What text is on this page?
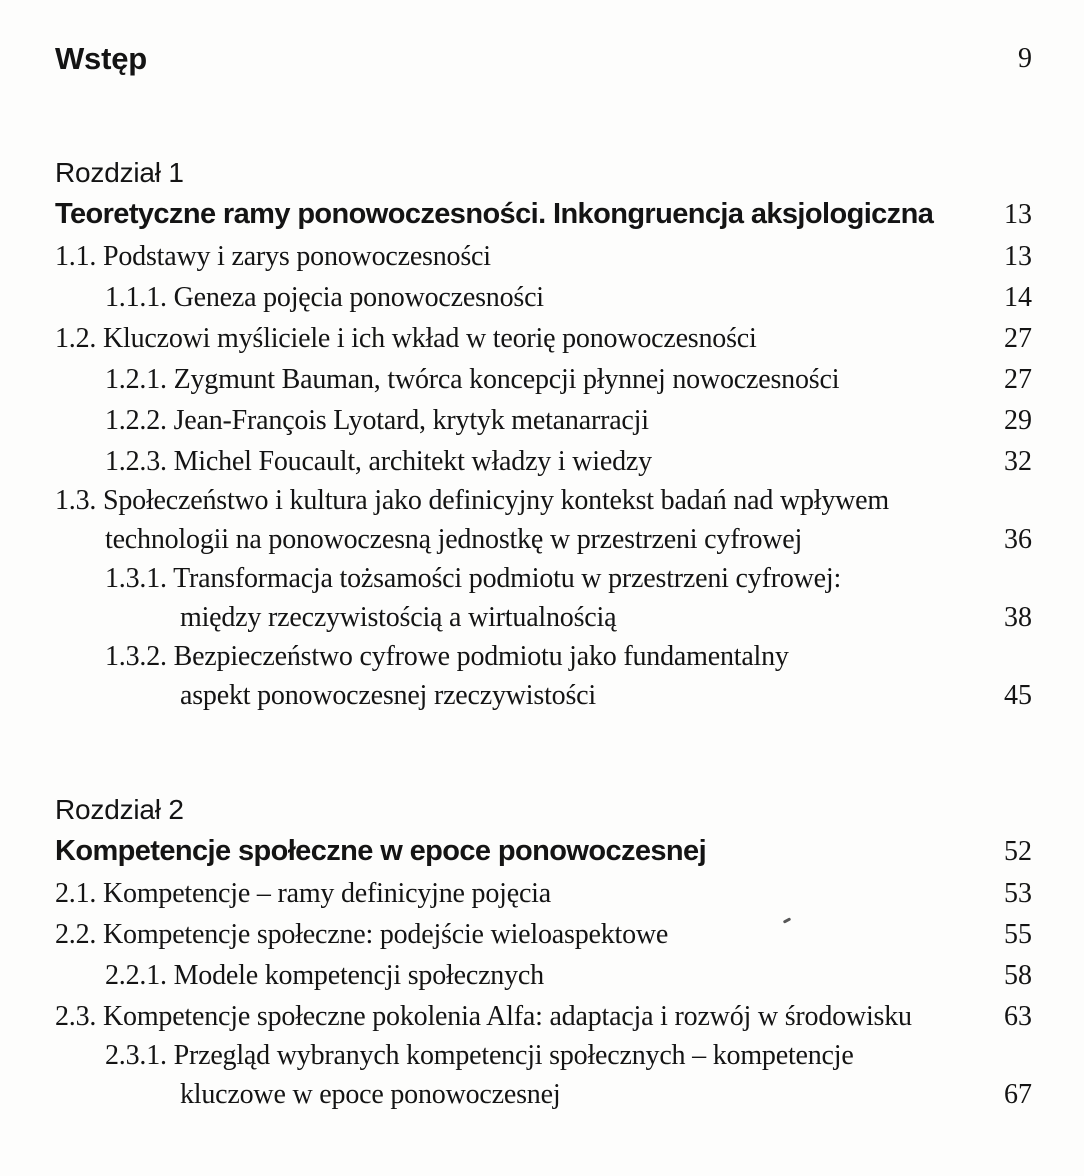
Wstęp	9
Rozdział 1
Teoretyczne ramy ponowoczesności. Inkongruencja aksjologiczna	13
1.1. Podstawy i zarys ponowoczesności	13
1.1.1. Geneza pojęcia ponowoczesności	14
1.2. Kluczowi myśliciele i ich wkład w teorię ponowoczesności	27
1.2.1. Zygmunt Bauman, twórca koncepcji płynnej nowoczesności	27
1.2.2. Jean-François Lyotard, krytyk metanarracji	29
1.2.3. Michel Foucault, architekt władzy i wiedzy	32
1.3. Społeczeństwo i kultura jako definicyjny kontekst badań nad wpływem
technologii na ponowoczesną jednostkę w przestrzeni cyfrowej	36
1.3.1. Transformacja tożsamości podmiotu w przestrzeni cyfrowej:
między rzeczywistością a wirtualnością	38
1.3.2. Bezpieczeństwo cyfrowe podmiotu jako fundamentalny
aspekt ponowoczesnej rzeczywistości	45
Rozdział 2
Kompetencje społeczne w epoce ponowoczesnej	52
2.1. Kompetencje – ramy definicyjne pojęcia	53
2.2. Kompetencje społeczne: podejście wieloaspektowe	55
2.2.1. Modele kompetencji społecznych	58
2.3. Kompetencje społeczne pokolenia Alfa: adaptacja i rozwój w środowisku	63
2.3.1. Przegląd wybranych kompetencji społecznych – kompetencje
kluczowe w epoce ponowoczesnej	67
